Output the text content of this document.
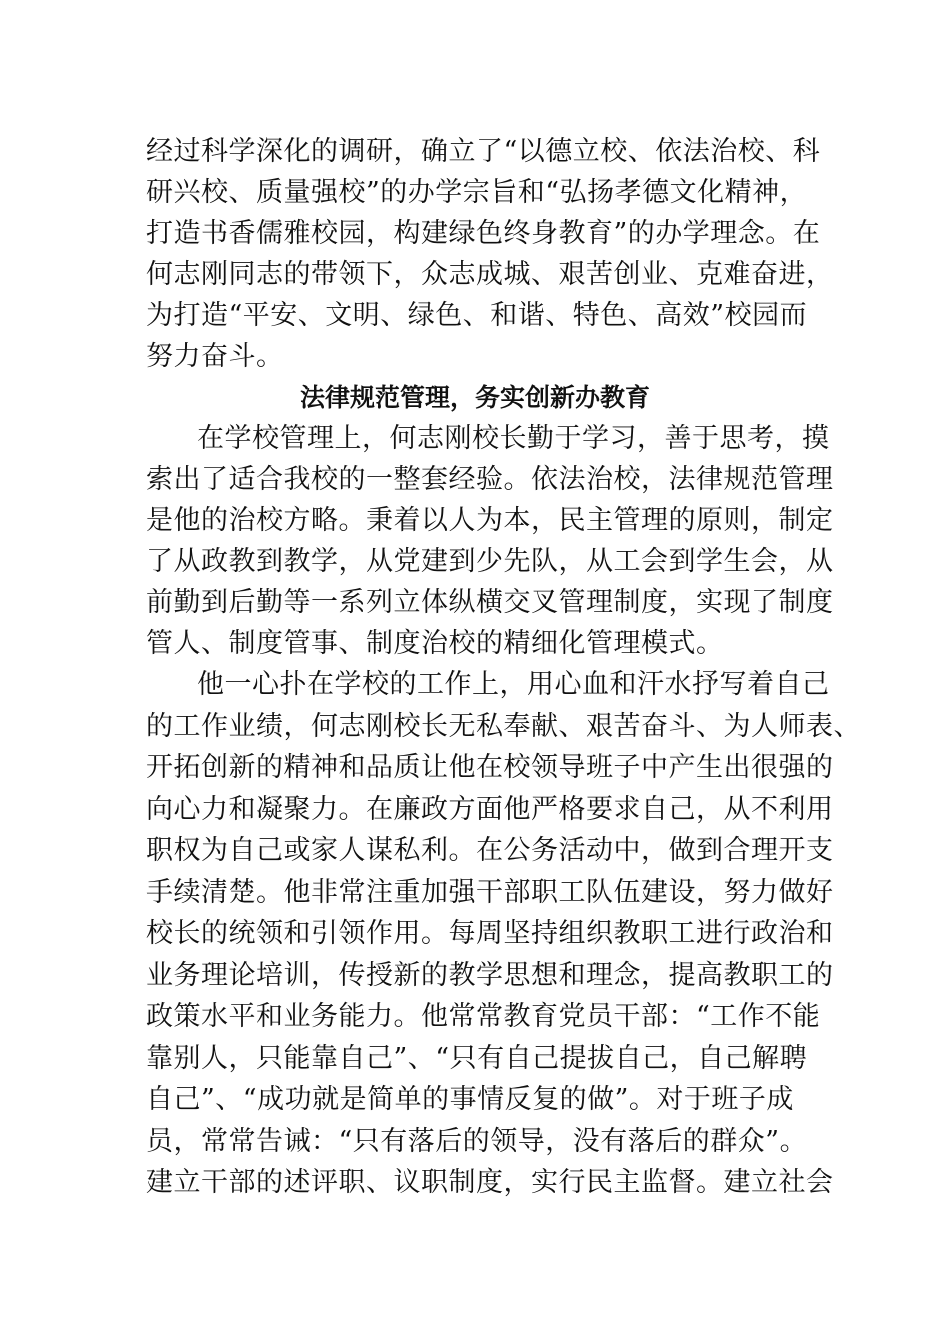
经过科学深化的调研，确立了“以德立校、依法治校、科
研兴校、质量强校”的办学宗旨和“弘扬孝德文化精神，
打造书香儒雅校园，构建绿色终身教育”的办学理念。在
何志刚同志的带领下，众志成城、艰苦创业、克难奋进，
为打造“平安、文明、绿色、和谐、特色、高效”校园而
努力奋斗。
法律规范管理，务实创新办教育
在学校管理上，何志刚校长勤于学习，善于思考，摸
索出了适合我校的一整套经验。依法治校，法律规范管理
是他的治校方略。秉着以人为本，民主管理的原则，制定
了从政教到教学，从党建到少先队，从工会到学生会，从
前勤到后勤等一系列立体纵横交叉管理制度，实现了制度
管人、制度管事、制度治校的精细化管理模式。
他一心扑在学校的工作上，用心血和汗水抒写着自己
的工作业绩，何志刚校长无私奉献、艰苦奋斗、为人师表、
开拓创新的精神和品质让他在校领导班子中产生出很强的
向心力和凝聚力。在廉政方面他严格要求自己，从不利用
职权为自己或家人谋私利。在公务活动中，做到合理开支
手续清楚。他非常注重加强干部职工队伍建设，努力做好
校长的统领和引领作用。每周坚持组织教职工进行政治和
业务理论培训，传授新的教学思想和理念，提高教职工的
政策水平和业务能力。他常常教育党员干部：“工作不能
靠别人，只能靠自己”、“只有自己提拔自己，自己解聘
自己”、“成功就是简单的事情反复的做”。对于班子成
员，常常告诫：“只有落后的领导，没有落后的群众”。
建立干部的述评职、议职制度，实行民主监督。建立社会
